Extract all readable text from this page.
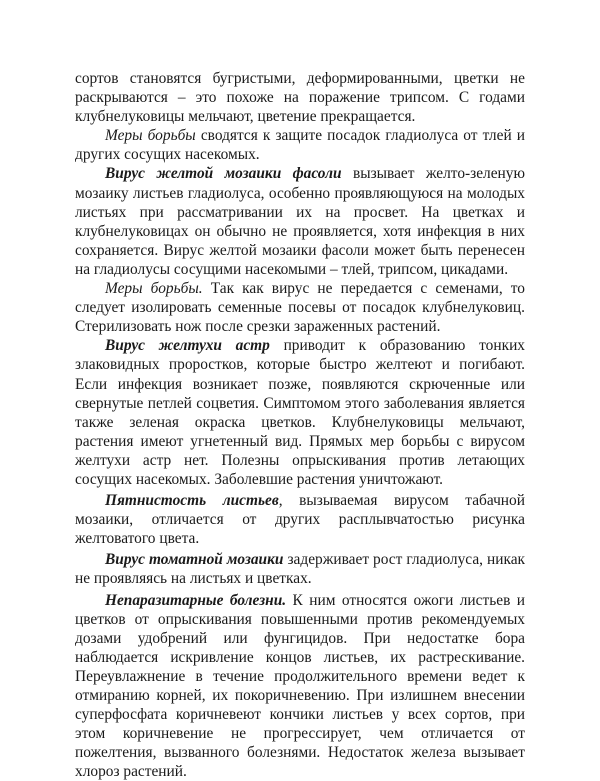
сортов становятся бугристыми, деформированными, цветки не раскрываются – это похоже на поражение трипсом. С годами клубнелуковицы мельчают, цветение прекращается.

Меры борьбы сводятся к защите посадок гладиолуса от тлей и других сосущих насекомых.

Вирус желтой мозаики фасоли вызывает желто-зеленую мозаику листьев гладиолуса, особенно проявляющуюся на молодых листьях при рассматривании их на просвет. На цветках и клубнелуковицах он обычно не проявляется, хотя инфекция в них сохраняется. Вирус желтой мозаики фасоли может быть перенесен на гладиолусы сосущими насекомыми – тлей, трипсом, цикадами.

Меры борьбы. Так как вирус не передается с семенами, то следует изолировать семенные посевы от посадок клубнелуковиц. Стерилизовать нож после срезки зараженных растений.

Вирус желтухи астр приводит к образованию тонких злаковидных проростков, которые быстро желтеют и погибают. Если инфекция возникает позже, появляются скрюченные или свернутые петлей соцветия. Симптомом этого заболевания является также зеленая окраска цветков. Клубнелуковицы мельчают, растения имеют угнетенный вид. Прямых мер борьбы с вирусом желтухи астр нет. Полезны опрыскивания против летающих сосущих насекомых. Заболевшие растения уничтожают.

Пятнистость листьев, вызываемая вирусом табачной мозаики, отличается от других расплывчатостью рисунка желтоватого цвета.

Вирус томатной мозаики задерживает рост гладиолуса, никак не проявляясь на листьях и цветках.

Непаразитарные болезни. К ним относятся ожоги листьев и цветков от опрыскивания повышенными против рекомендуемых дозами удобрений или фунгицидов. При недостатке бора наблюдается искривление концов листьев, их растрескивание. Переувлажнение в течение продолжительного времени ведет к отмиранию корней, их покоричневению. При излишнем внесении суперфосфата коричневеют кончики листьев у всех сортов, при этом коричневение не прогрессирует, чем отличается от пожелтения, вызванного болезнями. Недостаток железа вызывает хлороз растений.
